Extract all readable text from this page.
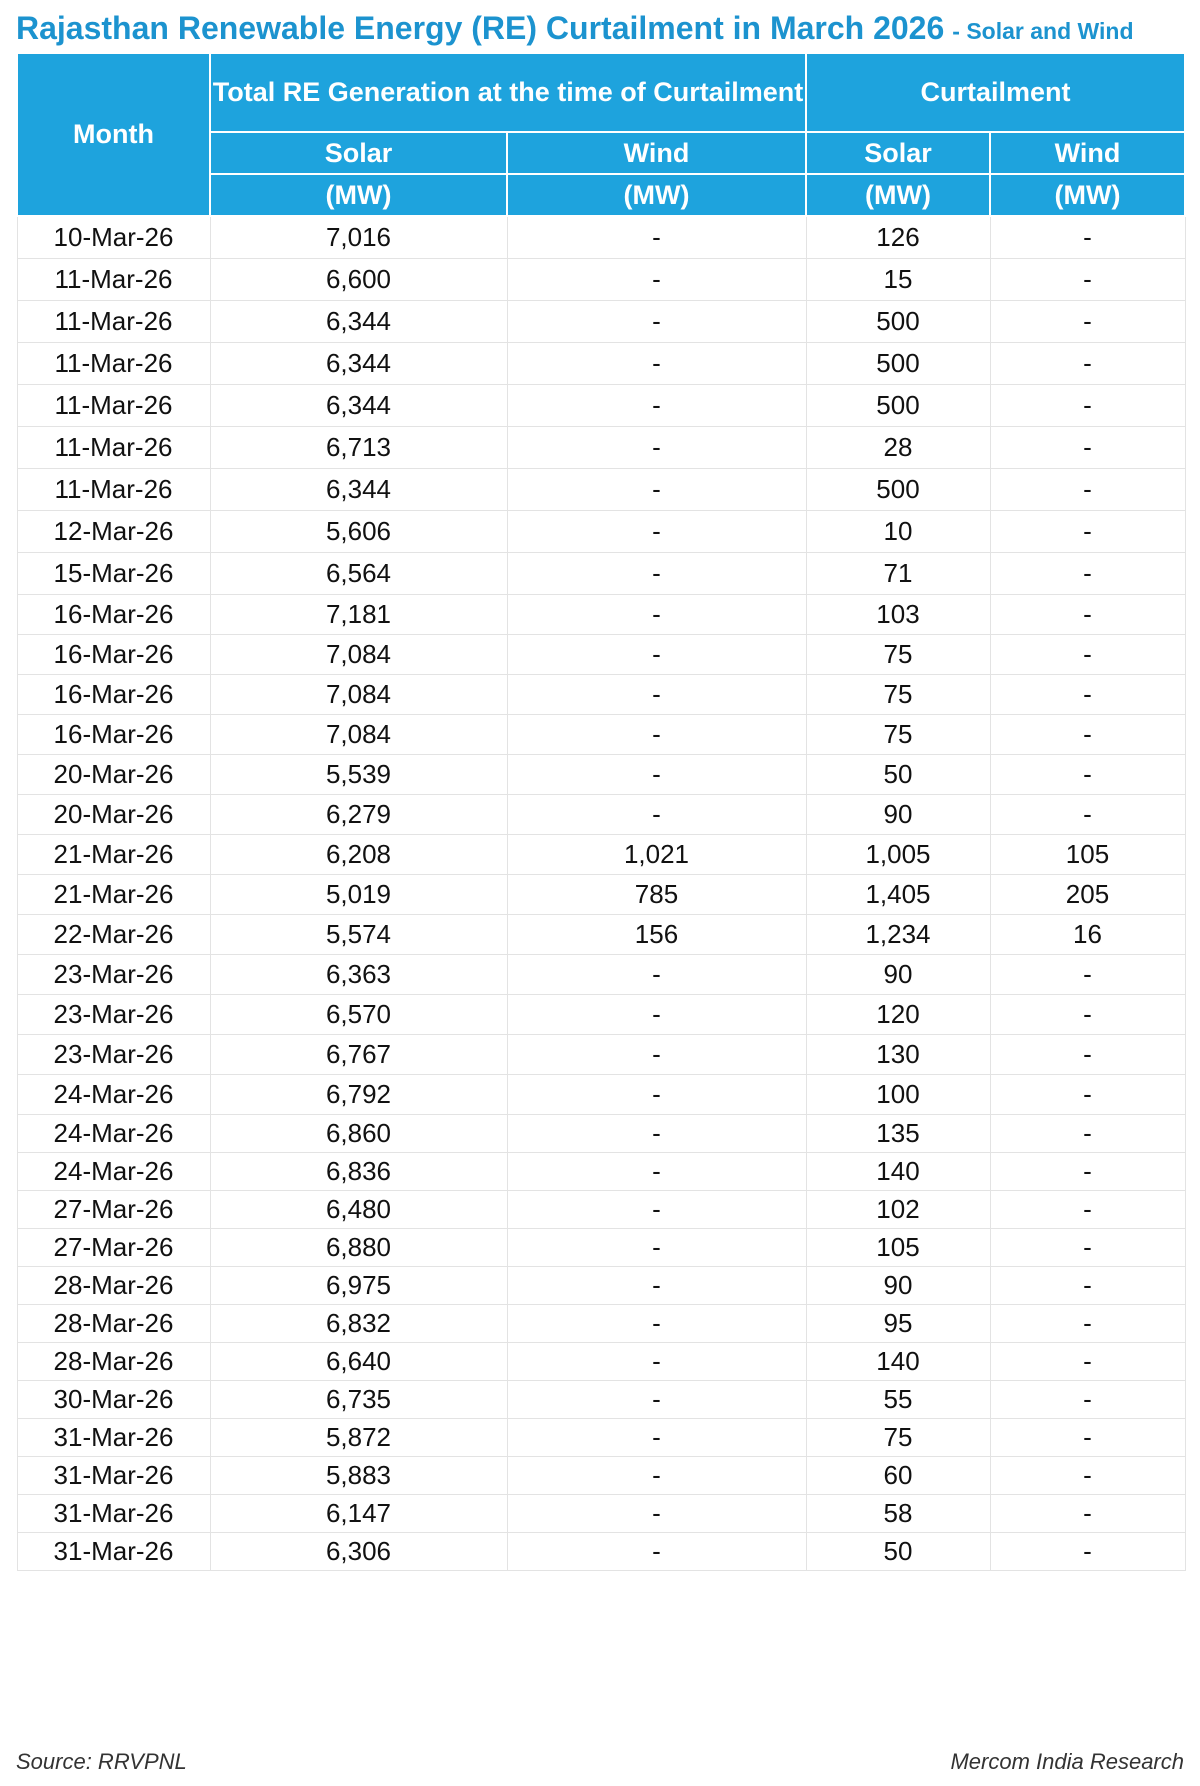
Rajasthan Renewable Energy (RE) Curtailment in March 2026 - Solar and Wind
Month	Total RE Generation at the time of Curtailment		Curtailment	
	Solar	Wind	Solar	Wind
	(MW)	(MW)	(MW)	(MW)
10-Mar-26	7,016	-	126	-
11-Mar-26	6,600	-	15	-
11-Mar-26	6,344	-	500	-
11-Mar-26	6,344	-	500	-
11-Mar-26	6,344	-	500	-
11-Mar-26	6,713	-	28	-
11-Mar-26	6,344	-	500	-
12-Mar-26	5,606	-	10	-
15-Mar-26	6,564	-	71	-
16-Mar-26	7,181	-	103	-
16-Mar-26	7,084	-	75	-
16-Mar-26	7,084	-	75	-
16-Mar-26	7,084	-	75	-
20-Mar-26	5,539	-	50	-
20-Mar-26	6,279	-	90	-
21-Mar-26	6,208	1,021	1,005	105
21-Mar-26	5,019	785	1,405	205
22-Mar-26	5,574	156	1,234	16
23-Mar-26	6,363	-	90	-
23-Mar-26	6,570	-	120	-
23-Mar-26	6,767	-	130	-
24-Mar-26	6,792	-	100	-
24-Mar-26	6,860	-	135	-
24-Mar-26	6,836	-	140	-
27-Mar-26	6,480	-	102	-
27-Mar-26	6,880	-	105	-
28-Mar-26	6,975	-	90	-
28-Mar-26	6,832	-	95	-
28-Mar-26	6,640	-	140	-
30-Mar-26	6,735	-	55	-
31-Mar-26	5,872	-	75	-
31-Mar-26	5,883	-	60	-
31-Mar-26	6,147	-	58	-
31-Mar-26	6,306	-	50	-
Source: RRVPNL	Mercom India Research
